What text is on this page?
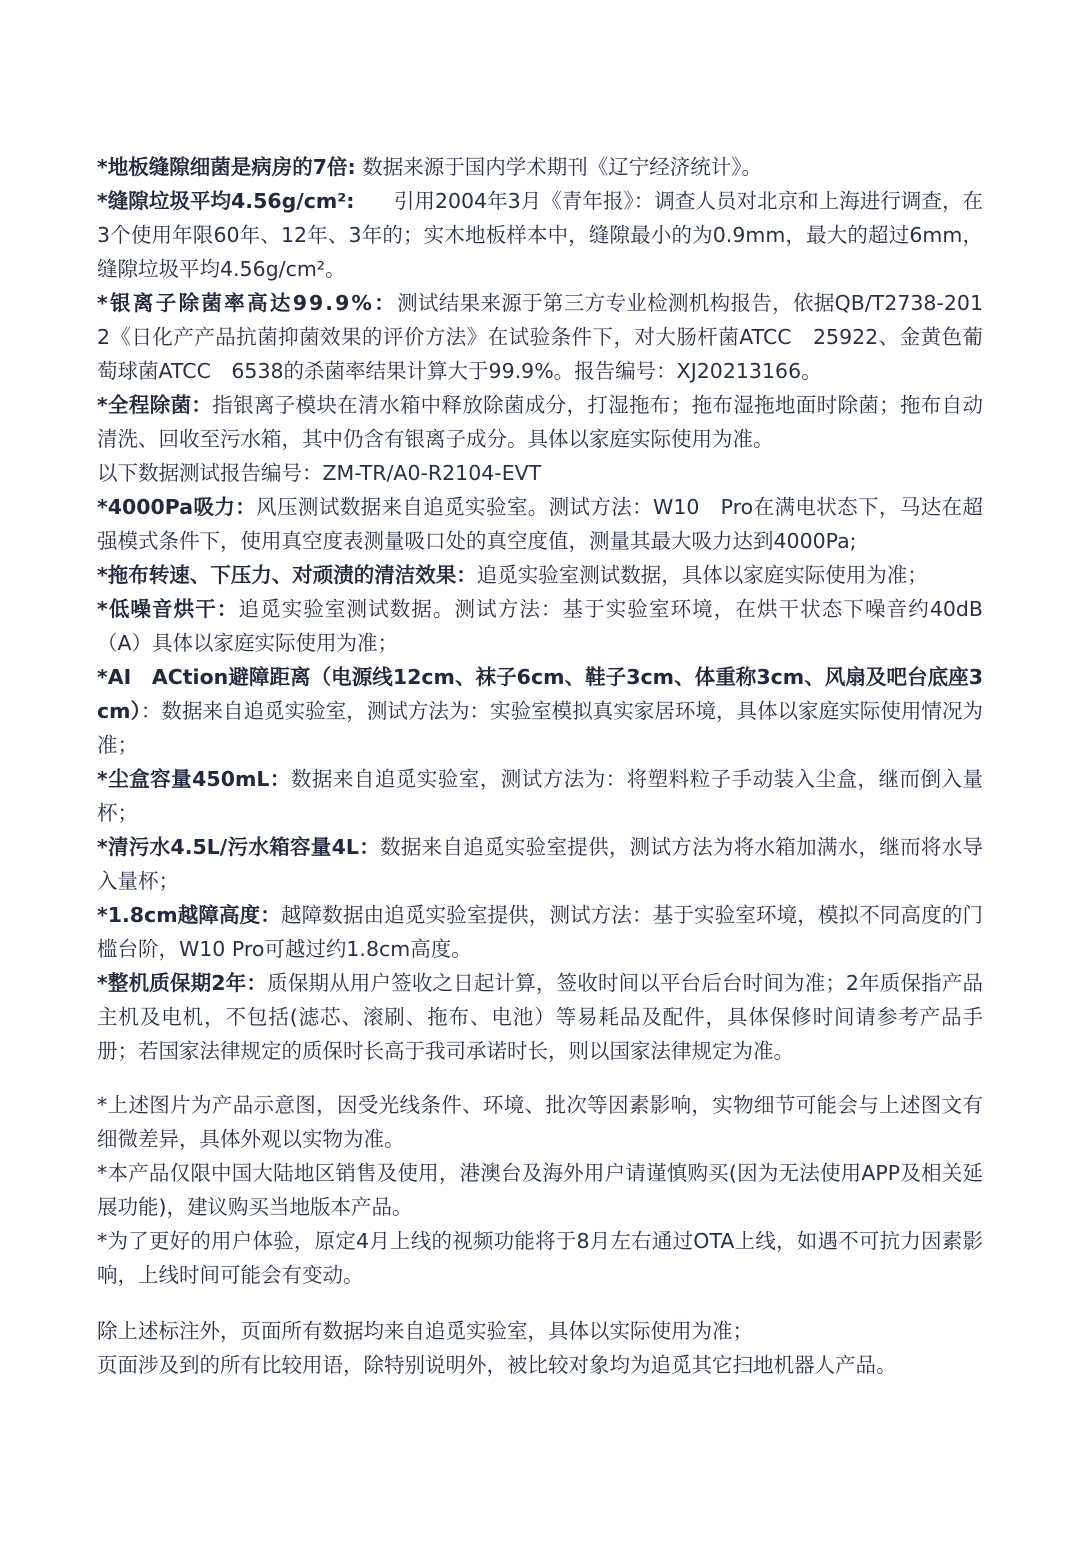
*地板缝隙细菌是病房的7倍: 数据来源于国内学术期刊《辽宁经济统计》。

*缝隙垃圾平均4.56g/cm²:      引用2004年3月《青年报》：调查人员对北京和上海进行调查，在3个使用年限60年、12年、3年的；实木地板样本中，缝隙最小的为0.9mm，最大的超过6mm，缝隙垃圾平均4.56g/cm²。

*银离子除菌率高达99.9%：测试结果来源于第三方专业检测机构报告，依据QB/T2738-2012《日化产产品抗菌抑菌效果的评价方法》在试验条件下，对大肠杆菌ATCC　25922、金黄色葡萄球菌ATCC　6538的杀菌率结果计算大于99.9%。报告编号：XJ20213166。

*全程除菌：指银离子模块在清水箱中释放除菌成分，打湿拖布；拖布湿拖地面时除菌；拖布自动清洗、回收至污水箱，其中仍含有银离子成分。具体以家庭实际使用为准。

以下数据测试报告编号：ZM-TR/A0-R2104-EVT

*4000Pa吸力：风压测试数据来自追觅实验室。测试方法：W10　Pro在满电状态下，马达在超强模式条件下，使用真空度表测量吸口处的真空度值，测量其最大吸力达到4000Pa;

*拖布转速、下压力、对顽渍的清洁效果：追觅实验室测试数据，具体以家庭实际使用为准；

*低噪音烘干：追觅实验室测试数据。测试方法：基于实验室环境，在烘干状态下噪音约40dB（A）具体以家庭实际使用为准；

*AI　ACtion避障距离（电源线12cm、袜子6cm、鞋子3cm、体重称3cm、风扇及吧台底座3cm）：数据来自追觅实验室，测试方法为：实验室模拟真实家居环境，具体以家庭实际使用情况为准；

*尘盒容量450mL：数据来自追觅实验室，测试方法为：将塑料粒子手动装入尘盒，继而倒入量杯；

*清污水4.5L/污水箱容量4L：数据来自追觅实验室提供，测试方法为将水箱加满水，继而将水导入量杯；

*1.8cm越障高度：越障数据由追觅实验室提供，测试方法：基于实验室环境，模拟不同高度的门槛台阶，W10 Pro可越过约1.8cm高度。

*整机质保期2年：质保期从用户签收之日起计算，签收时间以平台后台时间为准；2年质保指产品主机及电机，不包括(滤芯、滚刷、拖布、电池）等易耗品及配件，具体保修时间请参考产品手册；若国家法律规定的质保时长高于我司承诺时长，则以国家法律规定为准。

*上述图片为产品示意图，因受光线条件、环境、批次等因素影响，实物细节可能会与上述图文有细微差异，具体外观以实物为准。

*本产品仅限中国大陆地区销售及使用，港澳台及海外用户请谨慎购买(因为无法使用APP及相关延展功能)，建议购买当地版本产品。

*为了更好的用户体验，原定4月上线的视频功能将于8月左右通过OTA上线，如遇不可抗力因素影响，上线时间可能会有变动。

除上述标注外，页面所有数据均来自追觅实验室，具体以实际使用为准；

页面涉及到的所有比较用语，除特别说明外，被比较对象均为追觅其它扫地机器人产品。
